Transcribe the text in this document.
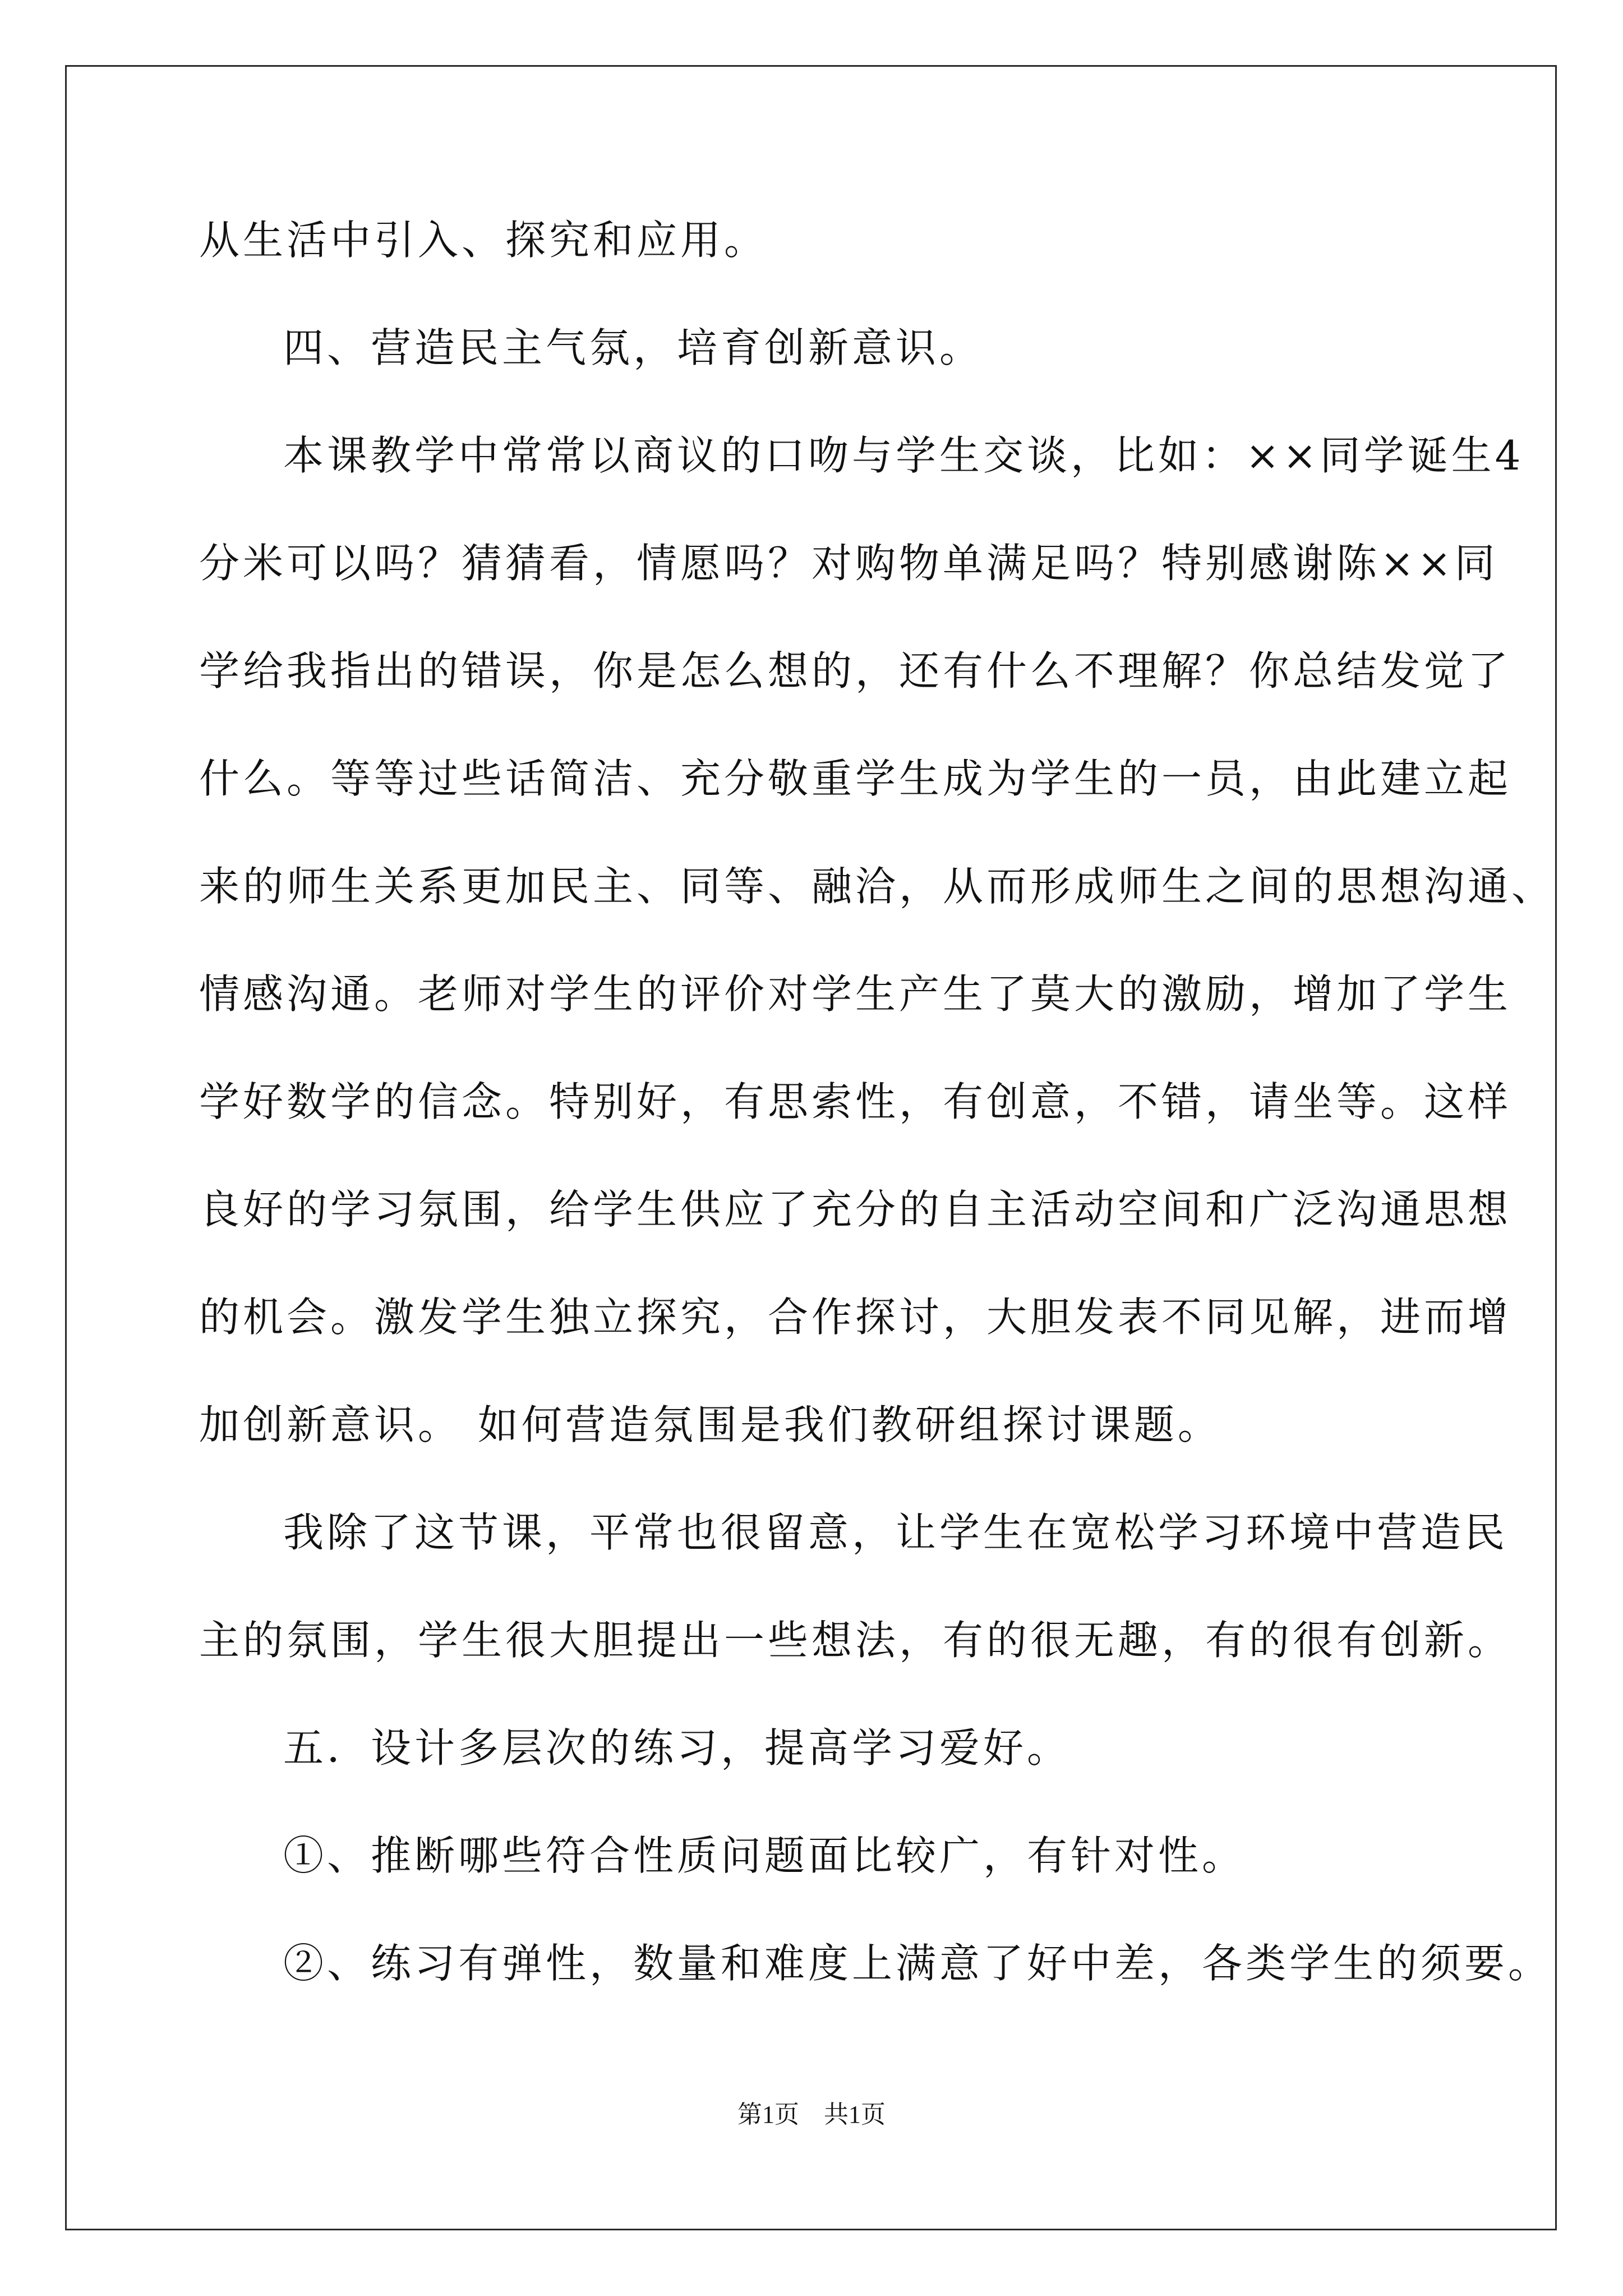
从生活中引入、探究和应用。
四、营造民主气氛，培育创新意识。
本课教学中常常以商议的口吻与学生交谈，比如：××同学诞生4
分米可以吗？猜猜看，情愿吗？对购物单满足吗？特别感谢陈××同
学给我指出的错误，你是怎么想的，还有什么不理解？你总结发觉了
什么。等等过些话简洁、充分敬重学生成为学生的一员，由此建立起
来的师生关系更加民主、同等、融洽，从而形成师生之间的思想沟通、
情感沟通。老师对学生的评价对学生产生了莫大的激励，增加了学生
学好数学的信念。特别好，有思索性，有创意，不错，请坐等。这样
良好的学习氛围，给学生供应了充分的自主活动空间和广泛沟通思想
的机会。激发学生独立探究，合作探讨，大胆发表不同见解，进而增
加创新意识。 如何营造氛围是我们教研组探讨课题。
我除了这节课，平常也很留意，让学生在宽松学习环境中营造民
主的氛围，学生很大胆提出一些想法，有的很无趣，有的很有创新。
五．设计多层次的练习，提高学习爱好。
①、推断哪些符合性质问题面比较广，有针对性。
②、练习有弹性，数量和难度上满意了好中差，各类学生的须要。
第1页　共1页
